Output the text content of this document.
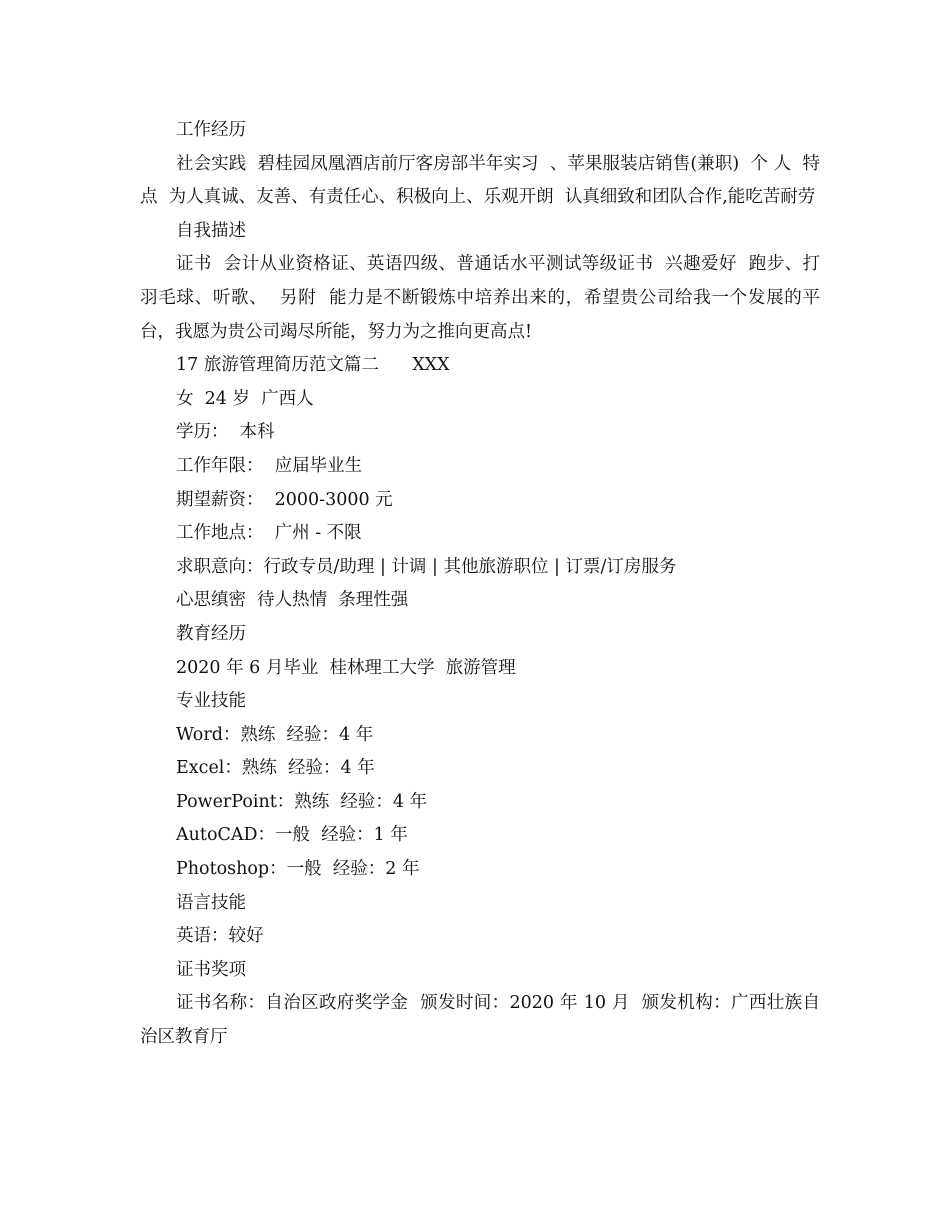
工作经历
社会实践  碧桂园凤凰酒店前厅客房部半年实习  、苹果服装店销售(兼职)  个 人  特  点  为人真诚、友善、有责任心、积极向上、乐观开朗  认真细致和团队合作,能吃苦耐劳
自我描述
证书  会计从业资格证、英语四级、普通话水平测试等级证书  兴趣爱好  跑步、打羽毛球、听歌、  另附  能力是不断锻炼中培养出来的，希望贵公司给我一个发展的平台，我愿为贵公司竭尽所能，努力为之推向更高点!
17 旅游管理简历范文篇二      XXX
女  24 岁  广西人
学历：  本科
工作年限：  应届毕业生
期望薪资：  2000-3000 元
工作地点：  广州 - 不限
求职意向：行政专员/助理 | 计调 | 其他旅游职位 | 订票/订房服务
心思缜密  待人热情  条理性强
教育经历
2020 年 6 月毕业  桂林理工大学  旅游管理
专业技能
Word：熟练  经验：4 年
Excel：熟练  经验：4 年
PowerPoint：熟练  经验：4 年
AutoCAD：一般  经验：1 年
Photoshop：一般  经验：2 年
语言技能
英语：较好
证书奖项
证书名称：自治区政府奖学金  颁发时间：2020 年 10 月  颁发机构：广西壮族自治区教育厅
